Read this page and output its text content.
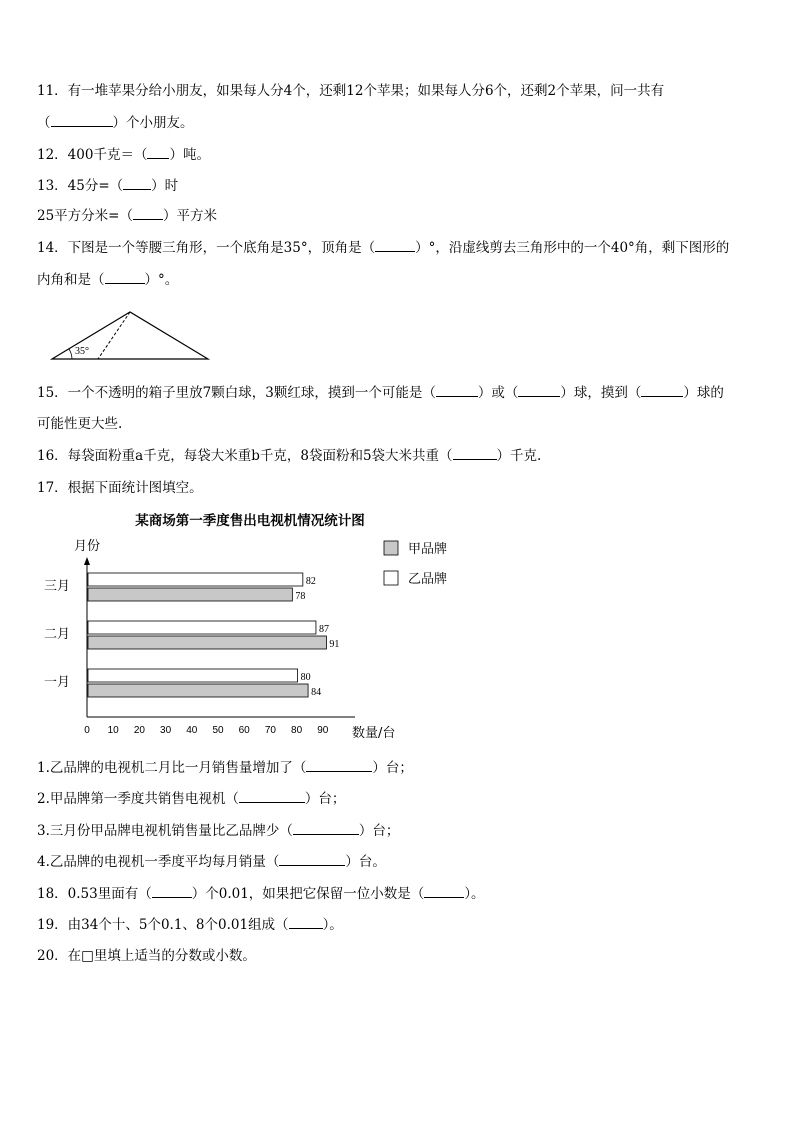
11．有一堆苹果分给小朋友，如果每人分4个，还剩12个苹果；如果每人分6个，还剩2个苹果，问一共有
（	）个小朋友。
12．400千克＝（ ）吨。
13．45分=（ ）时
25平方分米=（ ）平方米
14．下图是一个等腰三角形，一个底角是35°，顶角是（	）°，沿虚线剪去三角形中的一个40°角，剩下图形的
内角和是（	）°。
35°
15．一个不透明的箱子里放7颗白球，3颗红球，摸到一个可能是（	）或（	）球，摸到（	）球的
可能性更大些.
16．每袋面粉重a千克，每袋大米重b千克，8袋面粉和5袋大米共重（	）千克.
17．根据下面统计图填空。
某商场第一季度售出电视机情况统计图
月份
数量/台
0 10 20 30 40 50 60 70 80 90
一月
二月
三月
80
84
87
91
82
78
甲品牌
乙品牌
1.乙品牌的电视机二月比一月销售量增加了（	）台；
2.甲品牌第一季度共销售电视机（	）台；
3.三月份甲品牌电视机销售量比乙品牌少（	）台；
4.乙品牌的电视机一季度平均每月销量（	）台。
18．0.53里面有（	）个0.01，如果把它保留一位小数是（	）。
19．由34个十、5个0.1、8个0.01组成（	）。
20．在□里填上适当的分数或小数。
